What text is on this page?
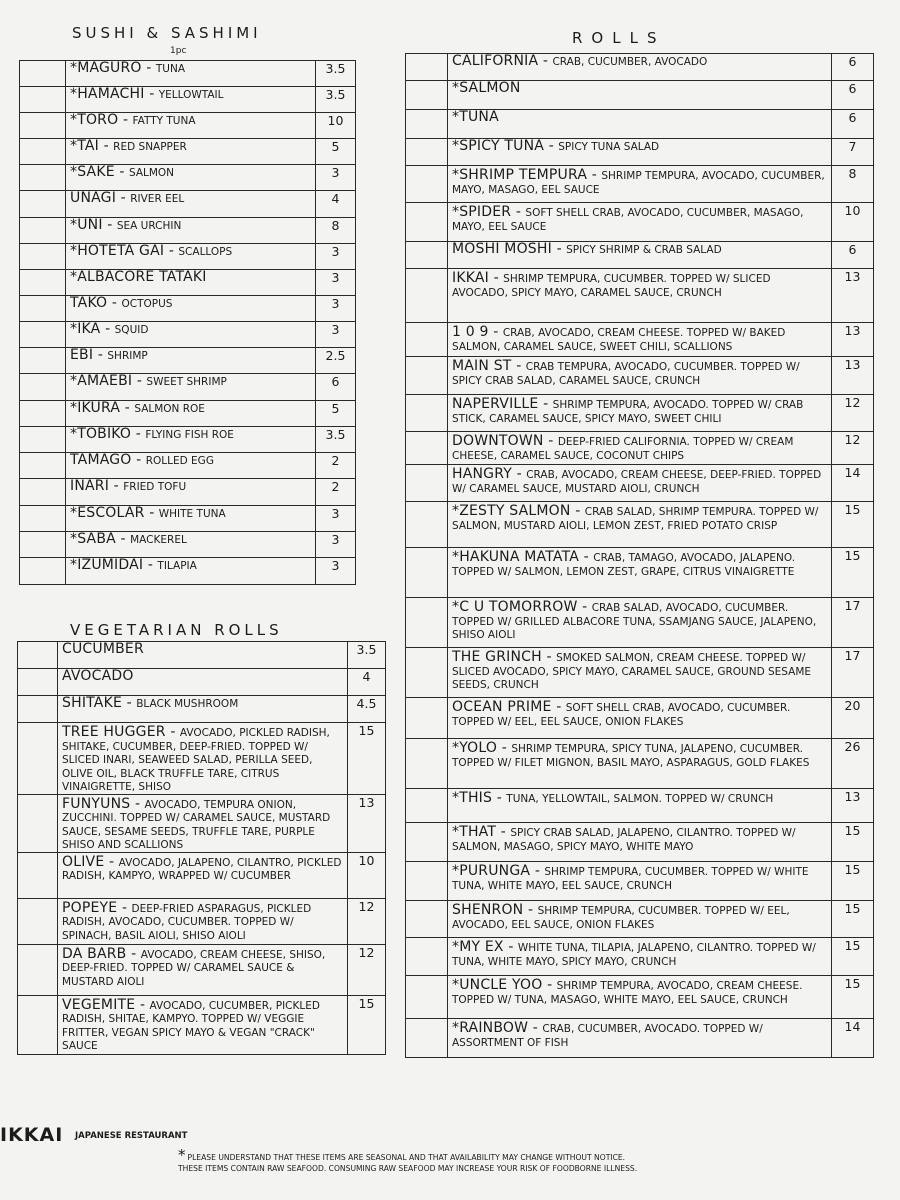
SUSHI & SASHIMI
1pc
ROLLS
VEGETARIAN ROLLS
	*MAGURO - TUNA	3.5
	*HAMACHI - YELLOWTAIL	3.5
	*TORO - FATTY TUNA	10
	*TAI - RED SNAPPER	5
	*SAKE - SALMON	3
	UNAGI - RIVER EEL	4
	*UNI - SEA URCHIN	8
	*HOTETA GAI - SCALLOPS	3
	*ALBACORE TATAKI	3
	TAKO - OCTOPUS	3
	*IKA - SQUID	3
	EBI - SHRIMP	2.5
	*AMAEBI - SWEET SHRIMP	6
	*IKURA - SALMON ROE	5
	*TOBIKO - FLYING FISH ROE	3.5
	TAMAGO - ROLLED EGG	2
	INARI - FRIED TOFU	2
	*ESCOLAR - WHITE TUNA	3
	*SABA - MACKEREL	3
	*IZUMIDAI - TILAPIA	3
	CUCUMBER	3.5
	AVOCADO	4
	SHITAKE - BLACK MUSHROOM	4.5
	TREE HUGGER - AVOCADO, PICKLED RADISH, SHITAKE, CUCUMBER, DEEP-FRIED. TOPPED W/ SLICED INARI, SEAWEED SALAD, PERILLA SEED, OLIVE OIL, BLACK TRUFFLE TARE, CITRUS VINAIGRETTE, SHISO	15
	FUNYUNS - AVOCADO, TEMPURA ONION, ZUCCHINI. TOPPED W/ CARAMEL SAUCE, MUSTARD SAUCE, SESAME SEEDS, TRUFFLE TARE, PURPLE SHISO AND SCALLIONS	13
	OLIVE - AVOCADO, JALAPENO, CILANTRO, PICKLED RADISH, KAMPYO, WRAPPED W/ CUCUMBER	10
	POPEYE - DEEP-FRIED ASPARAGUS, PICKLED RADISH, AVOCADO, CUCUMBER. TOPPED W/ SPINACH, BASIL AIOLI, SHISO AIOLI	12
	DA BARB - AVOCADO, CREAM CHEESE, SHISO, DEEP-FRIED. TOPPED W/ CARAMEL SAUCE & MUSTARD AIOLI	12
	VEGEMITE - AVOCADO, CUCUMBER, PICKLED RADISH, SHITAE, KAMPYO. TOPPED W/ VEGGIE FRITTER, VEGAN SPICY MAYO & VEGAN "CRACK" SAUCE	15
	CALIFORNIA - CRAB, CUCUMBER, AVOCADO	6
	*SALMON	6
	*TUNA	6
	*SPICY TUNA - SPICY TUNA SALAD	7
	*SHRIMP TEMPURA - SHRIMP TEMPURA, AVOCADO, CUCUMBER, MAYO, MASAGO, EEL SAUCE	8
	*SPIDER - SOFT SHELL CRAB, AVOCADO, CUCUMBER, MASAGO, MAYO, EEL SAUCE	10
	MOSHI MOSHI - SPICY SHRIMP & CRAB SALAD	6
	IKKAI - SHRIMP TEMPURA, CUCUMBER. TOPPED W/ SLICED AVOCADO, SPICY MAYO, CARAMEL SAUCE, CRUNCH	13
	1 0 9 - CRAB, AVOCADO, CREAM CHEESE. TOPPED W/ BAKED SALMON, CARAMEL SAUCE, SWEET CHILI, SCALLIONS	13
	MAIN ST - CRAB TEMPURA, AVOCADO, CUCUMBER. TOPPED W/ SPICY CRAB SALAD, CARAMEL SAUCE, CRUNCH	13
	NAPERVILLE - SHRIMP TEMPURA, AVOCADO. TOPPED W/ CRAB STICK, CARAMEL SAUCE, SPICY MAYO, SWEET CHILI	12
	DOWNTOWN - DEEP-FRIED CALIFORNIA. TOPPED W/ CREAM CHEESE, CARAMEL SAUCE, COCONUT CHIPS	12
	HANGRY - CRAB, AVOCADO, CREAM CHEESE, DEEP-FRIED. TOPPED W/ CARAMEL SAUCE, MUSTARD AIOLI, CRUNCH	14
	*ZESTY SALMON - CRAB SALAD, SHRIMP TEMPURA. TOPPED W/ SALMON, MUSTARD AIOLI, LEMON ZEST, FRIED POTATO CRISP	15
	*HAKUNA MATATA - CRAB, TAMAGO, AVOCADO, JALAPENO. TOPPED W/ SALMON, LEMON ZEST, GRAPE, CITRUS VINAIGRETTE	15
	*C U TOMORROW - CRAB SALAD, AVOCADO, CUCUMBER. TOPPED W/ GRILLED ALBACORE TUNA, SSAMJANG SAUCE, JALAPENO, SHISO AIOLI	17
	THE GRINCH - SMOKED SALMON, CREAM CHEESE. TOPPED W/ SLICED AVOCADO, SPICY MAYO, CARAMEL SAUCE, GROUND SESAME SEEDS, CRUNCH	17
	OCEAN PRIME - SOFT SHELL CRAB, AVOCADO, CUCUMBER. TOPPED W/ EEL, EEL SAUCE, ONION FLAKES	20
	*YOLO - SHRIMP TEMPURA, SPICY TUNA, JALAPENO, CUCUMBER. TOPPED W/ FILET MIGNON, BASIL MAYO, ASPARAGUS, GOLD FLAKES	26
	*THIS - TUNA, YELLOWTAIL, SALMON. TOPPED W/ CRUNCH	13
	*THAT - SPICY CRAB SALAD, JALAPENO, CILANTRO. TOPPED W/ SALMON, MASAGO, SPICY MAYO, WHITE MAYO	15
	*PURUNGA - SHRIMP TEMPURA, CUCUMBER. TOPPED W/ WHITE TUNA, WHITE MAYO, EEL SAUCE, CRUNCH	15
	SHENRON - SHRIMP TEMPURA, CUCUMBER. TOPPED W/ EEL, AVOCADO, EEL SAUCE, ONION FLAKES	15
	*MY EX - WHITE TUNA, TILAPIA, JALAPENO, CILANTRO. TOPPED W/ TUNA, WHITE MAYO, SPICY MAYO, CRUNCH	15
	*UNCLE YOO - SHRIMP TEMPURA, AVOCADO, CREAM CHEESE. TOPPED W/ TUNA, MASAGO, WHITE MAYO, EEL SAUCE, CRUNCH	15
	*RAINBOW - CRAB, CUCUMBER, AVOCADO. TOPPED W/ ASSORTMENT OF FISH	14
IKKAI JAPANESE RESTAURANT
* PLEASE UNDERSTAND THAT THESE ITEMS ARE SEASONAL AND THAT AVAILABILITY MAY CHANGE WITHOUT NOTICE.
THESE ITEMS CONTAIN RAW SEAFOOD. CONSUMING RAW SEAFOOD MAY INCREASE YOUR RISK OF FOODBORNE ILLNESS.
